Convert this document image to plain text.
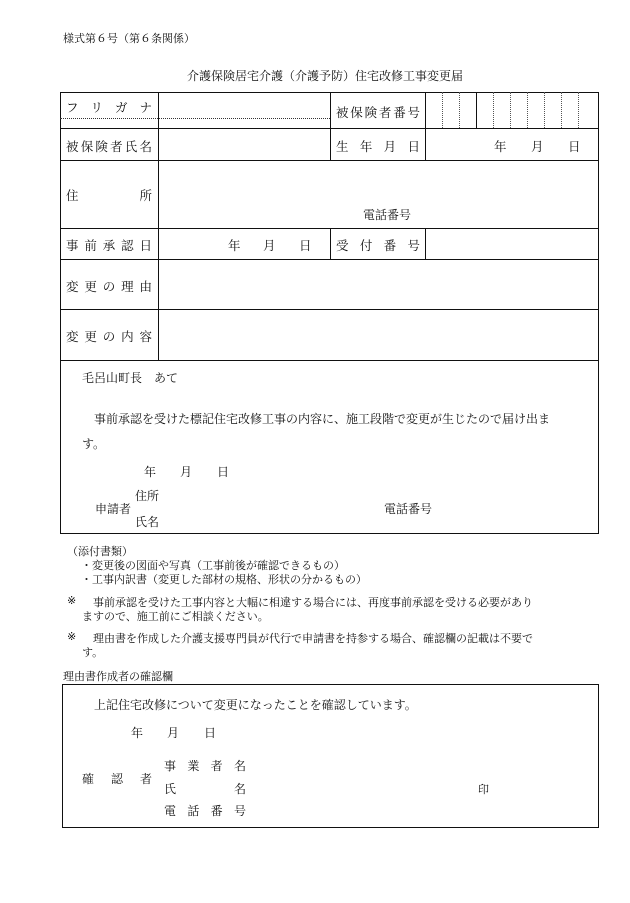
様式第６号（第６条関係）
介護保険居宅介護（介護予防）住宅改修工事変更届
フ リ ガ ナ	被 保 険 者 番 号
被 保 険 者 氏 名	生 年 月 日	年 月 日
住	所
電話番号
事 前 承 認 日	年 月 日 受 付 番 号
変 更 の 理 由
変 更 の 内 容
毛呂山町長　あて
事前承認を受けた標記住宅改修工事の内容に、施工段階で変更が生じたので届け出ま
す。
年 月 日
住所
申請者
氏名
電話番号
（添付書類）
・変更後の図面や写真（工事前後が確認できるもの）
・工事内訳書（変更した部材の規格、形状の分かるもの）
※ 事前承認を受けた工事内容と大幅に相違する場合には、再度事前承認を受ける必要があり
ますので、施工前にご相談ください。
※ 理由書を作成した介護支援専門員が代行で申請書を持参する場合、確認欄の記載は不要で
す。
理由書作成者の確認欄
上記住宅改修について変更になったことを確認しています。
年 月 日
確 認 者
事 業 者 名
氏	名
電 話 番 号
印
